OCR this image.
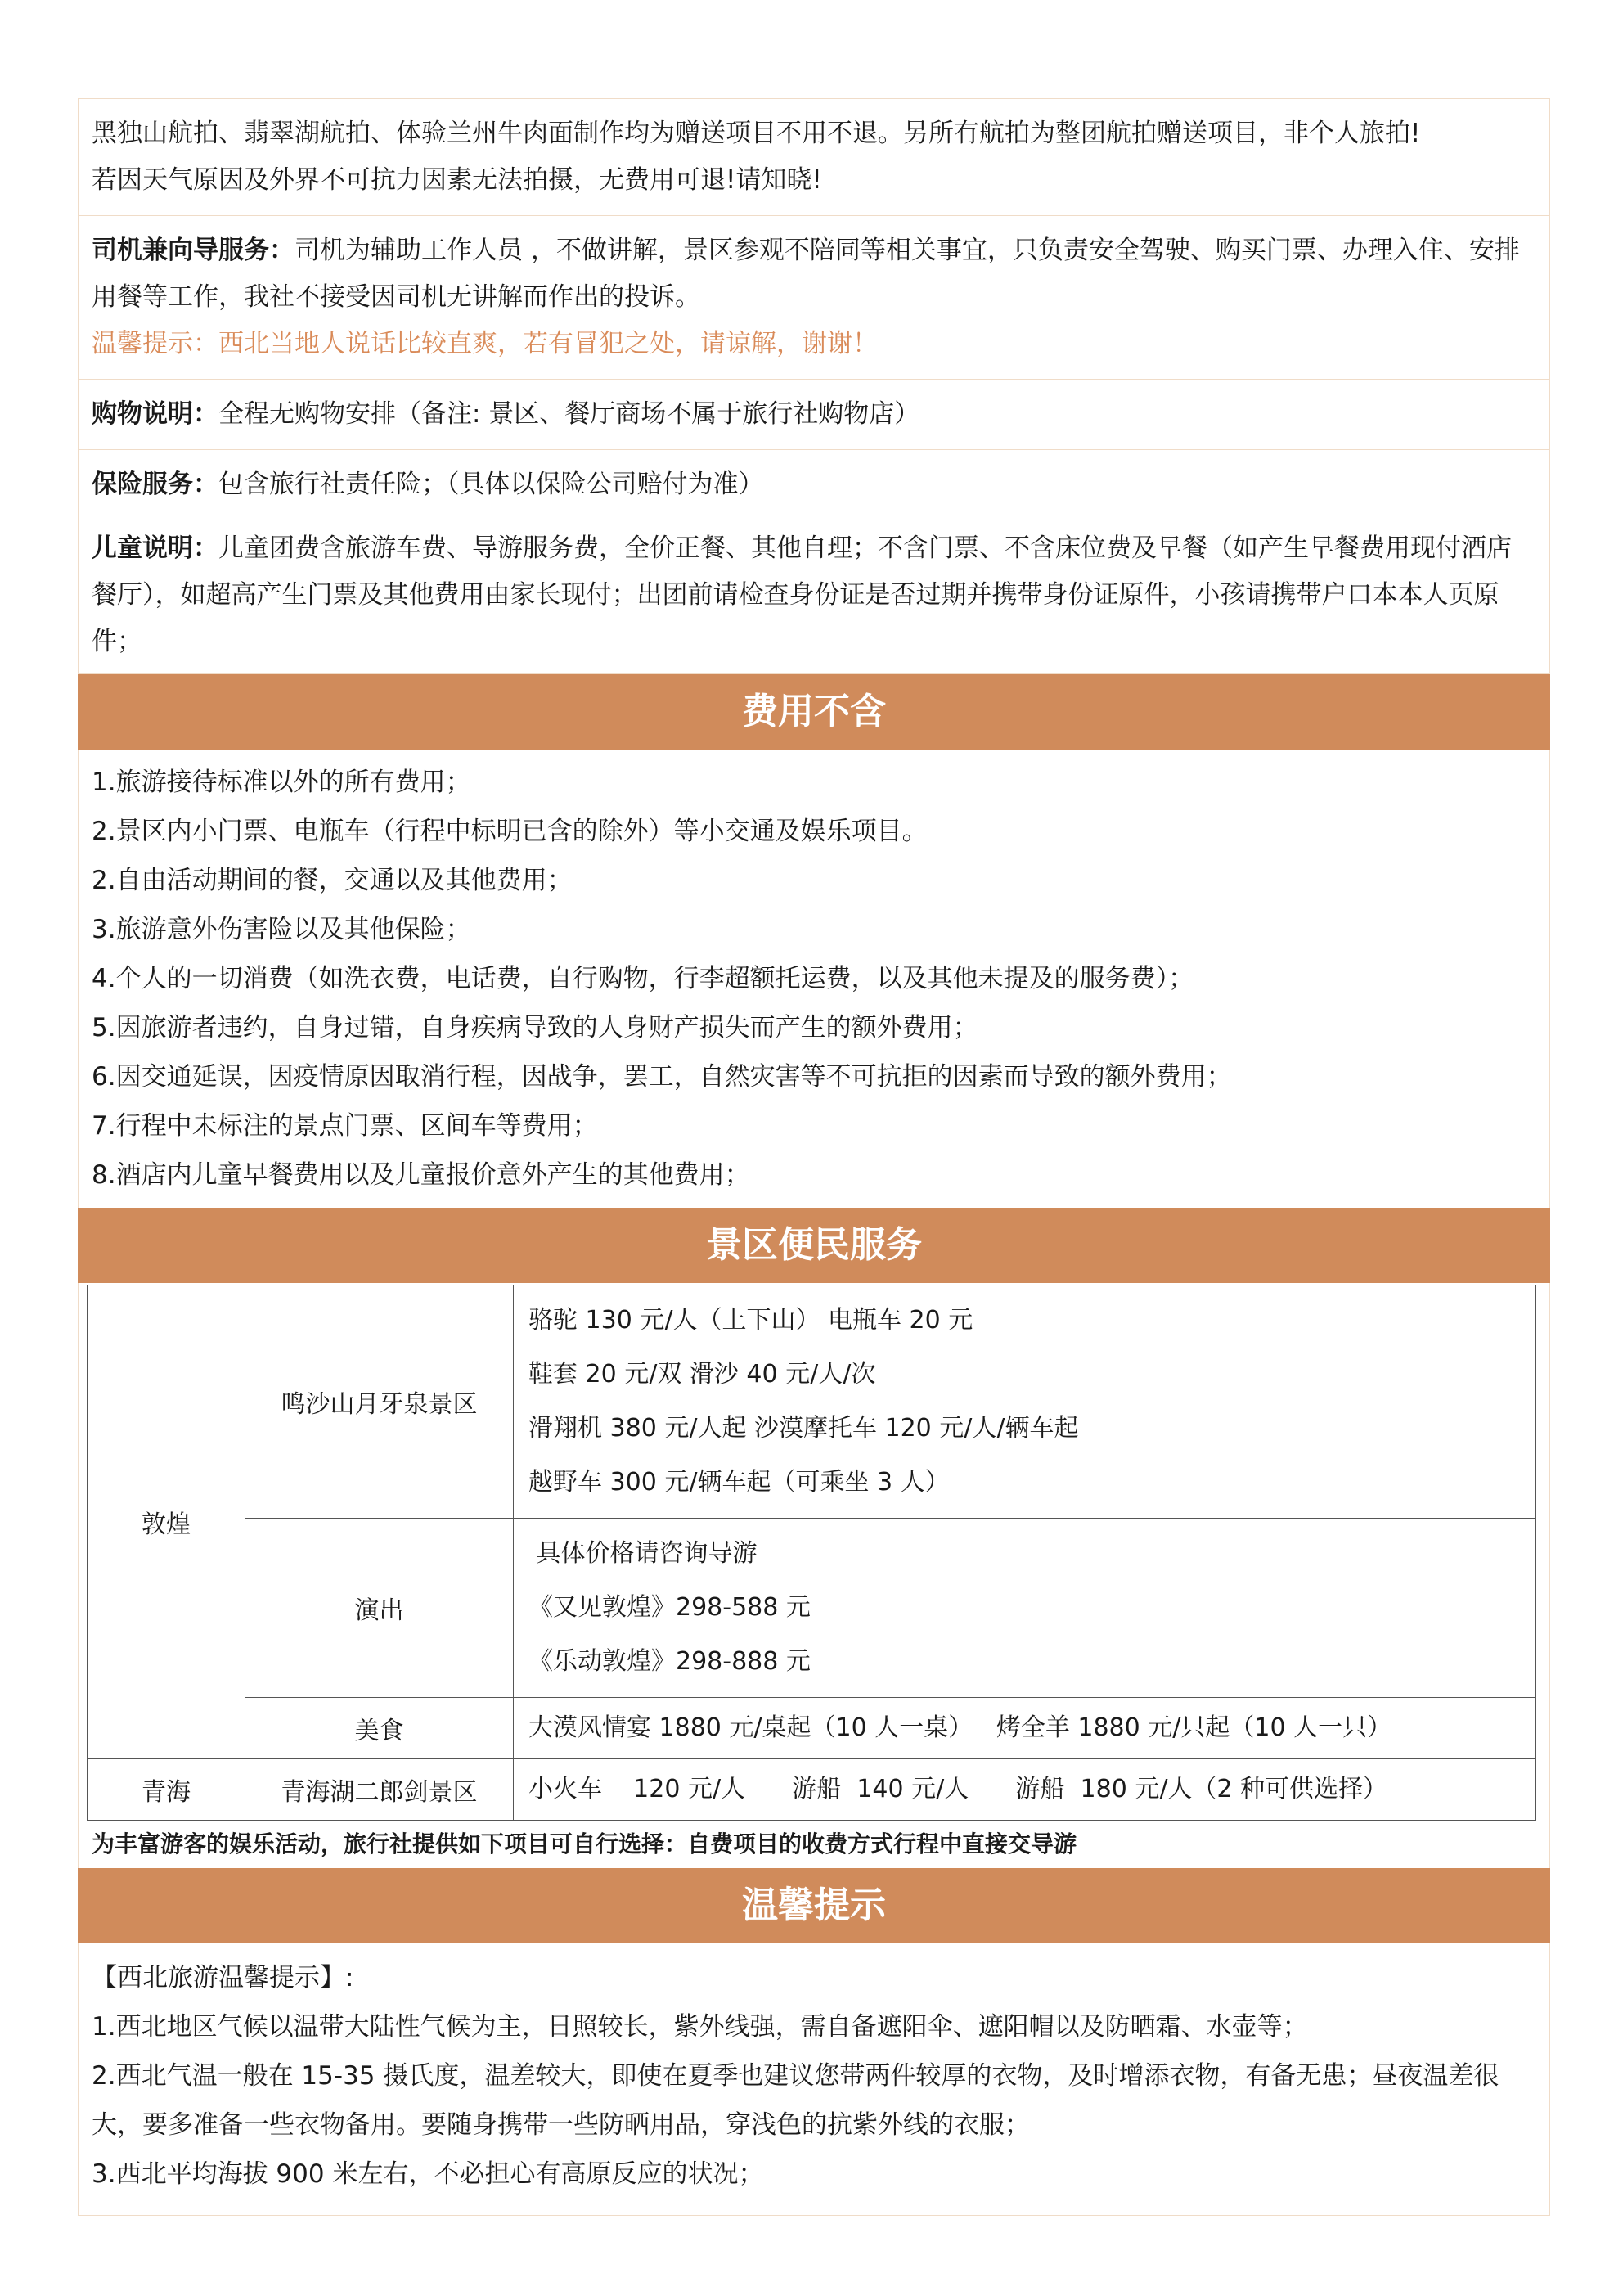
黑独山航拍、翡翠湖航拍、体验兰州牛肉面制作均为赠送项目不用不退。另所有航拍为整团航拍赠送项目，非个人旅拍!
若因天气原因及外界不可抗力因素无法拍摄，无费用可退!请知晓!
司机兼向导服务：司机为辅助工作人员 ，不做讲解，景区参观不陪同等相关事宜，只负责安全驾驶、购买门票、办理入住、安排用餐等工作，我社不接受因司机无讲解而作出的投诉。
温馨提示：西北当地人说话比较直爽，若有冒犯之处，请谅解，谢谢！
购物说明：全程无购物安排（备注: 景区、餐厅商场不属于旅行社购物店）
保险服务：包含旅行社责任险；（具体以保险公司赔付为准）
儿童说明：儿童团费含旅游车费、导游服务费，全价正餐、其他自理；不含门票、不含床位费及早餐（如产生早餐费用现付酒店餐厅），如超高产生门票及其他费用由家长现付；出团前请检查身份证是否过期并携带身份证原件，小孩请携带户口本本人页原件；
费用不含
1.旅游接待标准以外的所有费用；
2.景区内小门票、电瓶车（行程中标明已含的除外）等小交通及娱乐项目。
2.自由活动期间的餐，交通以及其他费用；
3.旅游意外伤害险以及其他保险；
4.个人的一切消费（如洗衣费，电话费，自行购物，行李超额托运费，以及其他未提及的服务费）；
5.因旅游者违约，自身过错，自身疾病导致的人身财产损失而产生的额外费用；
6.因交通延误，因疫情原因取消行程，因战争，罢工，自然灾害等不可抗拒的因素而导致的额外费用；
7.行程中未标注的景点门票、区间车等费用；
8.酒店内儿童早餐费用以及儿童报价意外产生的其他费用；
景区便民服务
敦煌	鸣沙山月牙泉景区	骆驼 130 元/人（上下山） 电瓶车 20 元
鞋套 20 元/双 滑沙 40 元/人/次
滑翔机 380 元/人起 沙漠摩托车 120 元/人/辆车起
越野车 300 元/辆车起（可乘坐 3 人）

	演出	具体价格请咨询导游
《又见敦煌》298-588 元
《乐动敦煌》298-888 元

	美食	大漠风情宴 1880 元/桌起（10 人一桌）   烤全羊 1880 元/只起（10 人一只）

青海	青海湖二郎剑景区	小火车    120 元/人      游船  140 元/人      游船  180 元/人（2 种可供选择）
为丰富游客的娱乐活动，旅行社提供如下项目可自行选择：自费项目的收费方式行程中直接交导游
温馨提示
【西北旅游温馨提示】:
1.西北地区气候以温带大陆性气候为主，日照较长，紫外线强，需自备遮阳伞、遮阳帽以及防晒霜、水壶等；
2.西北气温一般在 15-35 摄氏度，温差较大，即使在夏季也建议您带两件较厚的衣物，及时增添衣物，有备无患；昼夜温差很大，要多准备一些衣物备用。要随身携带一些防晒用品，穿浅色的抗紫外线的衣服；
3.西北平均海拔 900 米左右，不必担心有高原反应的状况；
